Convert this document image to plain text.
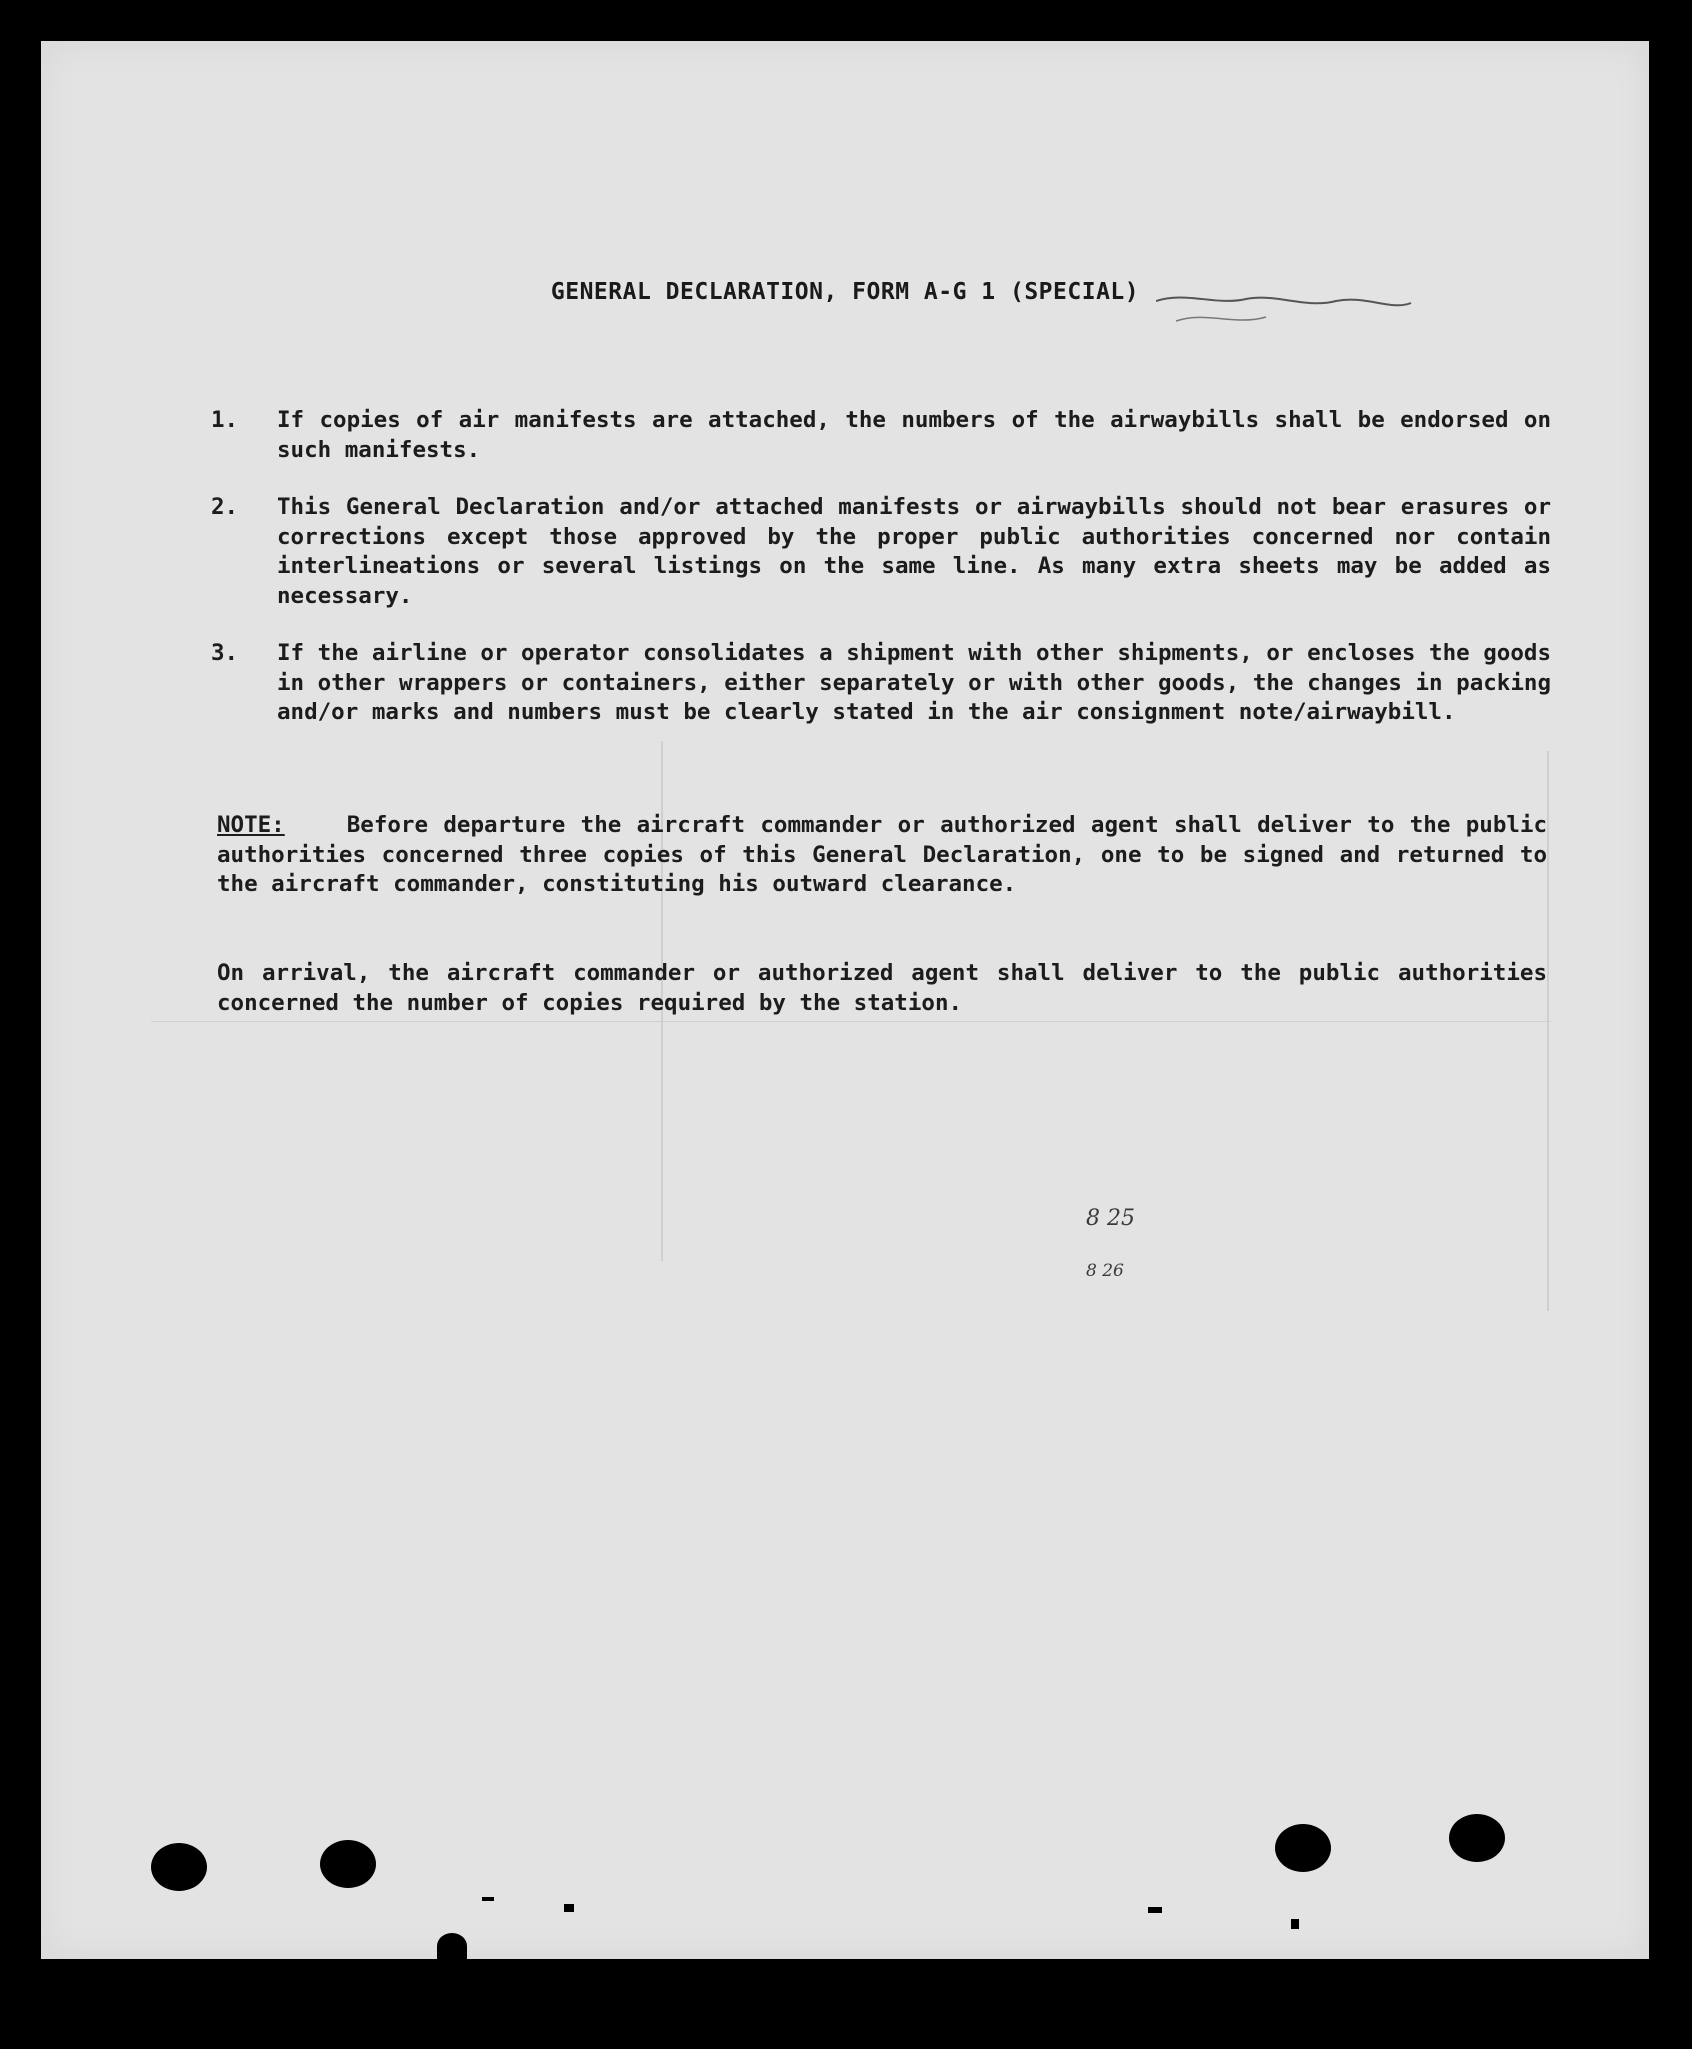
GENERAL DECLARATION, FORM A-G 1 (SPECIAL)
1.	If copies of air manifests are attached, the numbers of the airwaybills shall be endorsed on such manifests.
2.	This General Declaration and/or attached manifests or airwaybills should not bear erasures or corrections except those approved by the proper public authorities concerned nor contain interlineations or several listings on the same line. As many extra sheets may be added as necessary.
3.	If the airline or operator consolidates a shipment with other shipments, or encloses the goods in other wrappers or containers, either separately or with other goods, the changes in packing and/or marks and numbers must be clearly stated in the air consignment note/airwaybill.
NOTE:	Before departure the aircraft commander or authorized agent shall deliver to the public authorities concerned three copies of this General Declaration, one to be signed and returned to the aircraft commander, constituting his outward clearance.
On arrival, the aircraft commander or authorized agent shall deliver to the public authorities concerned the number of copies required by the station.
8 25
8 26
